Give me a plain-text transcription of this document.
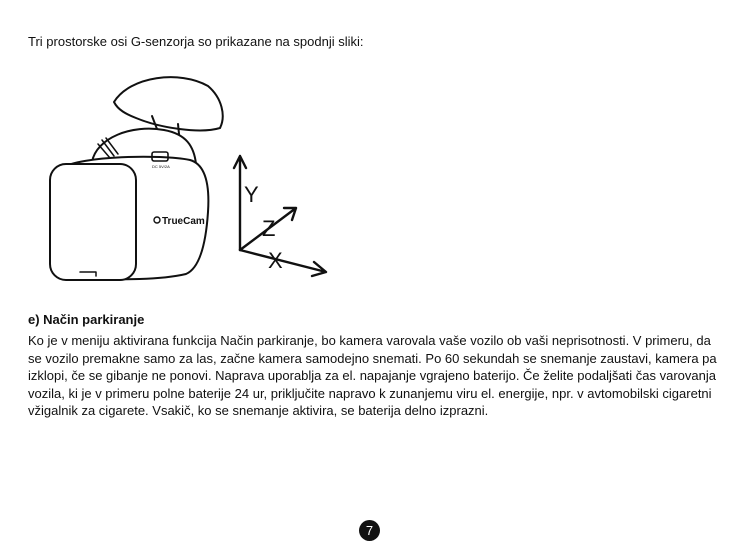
Tri prostorske osi G-senzorja so prikazane na spodnji sliki:
TrueCam
DC 5V/2A
Y
Z
X
e) Način parkiranje
Ko je v meniju aktivirana funkcija Način parkiranje, bo kamera varovala vaše vozilo ob vaši neprisotnosti. V primeru, da
se vozilo premakne samo za las, začne kamera samodejno snemati. Po 60 sekundah se snemanje zaustavi, kamera pa
izklopi, če se gibanje ne ponovi. Naprava uporablja za el. napajanje vgrajeno baterijo. Če želite podaljšati čas varovanja
vozila, ki je v primeru polne baterije 24 ur, priključite napravo k zunanjemu viru el. energije, npr. v avtomobilski cigaretni
vžigalnik za cigarete. Vsakič, ko se snemanje aktivira, se baterija delno izprazni.
7
